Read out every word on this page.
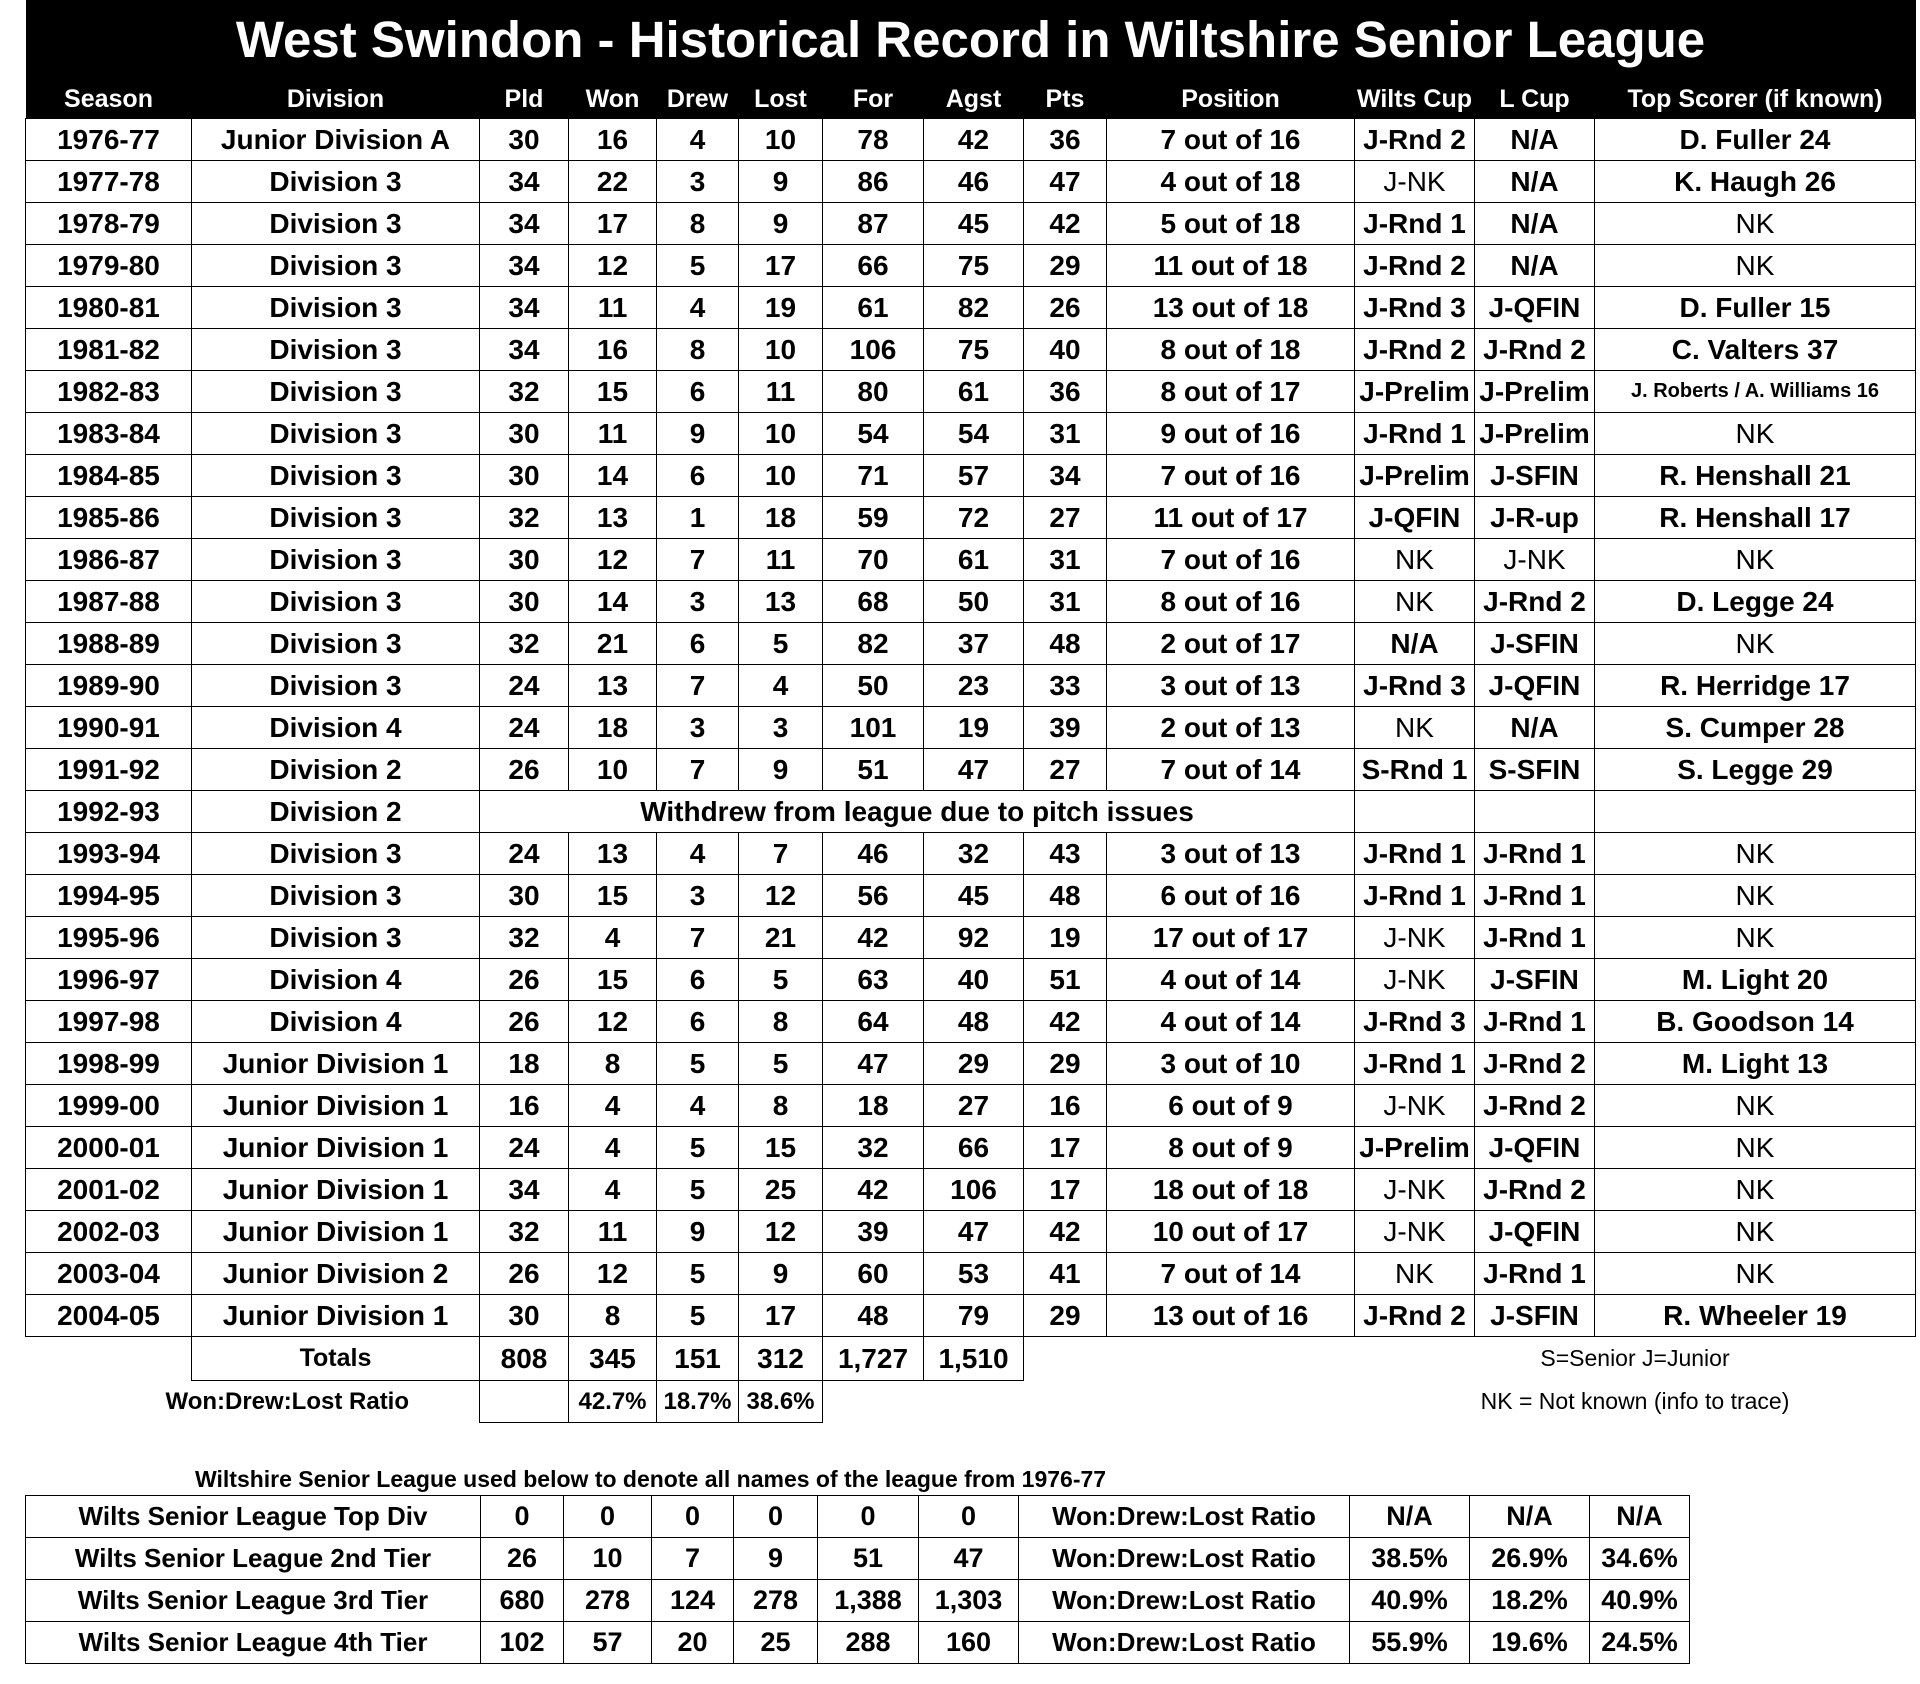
West Swindon - Historical Record in Wiltshire Senior League												
Season	Division	Pld	Won	Drew	Lost	For	Agst	Pts	Position	Wilts Cup	L Cup	Top Scorer (if known)
1976-77	Junior Division A	30	16	4	10	78	42	36	7 out of 16	J-Rnd 2	N/A	D. Fuller 24
1977-78	Division 3	34	22	3	9	86	46	47	4 out of 18	J-NK	N/A	K. Haugh 26
1978-79	Division 3	34	17	8	9	87	45	42	5 out of 18	J-Rnd 1	N/A	NK
1979-80	Division 3	34	12	5	17	66	75	29	11 out of 18	J-Rnd 2	N/A	NK
1980-81	Division 3	34	11	4	19	61	82	26	13 out of 18	J-Rnd 3	J-QFIN	D. Fuller 15
1981-82	Division 3	34	16	8	10	106	75	40	8 out of 18	J-Rnd 2	J-Rnd 2	C. Valters 37
1982-83	Division 3	32	15	6	11	80	61	36	8 out of 17	J-Prelim	J-Prelim	J. Roberts / A. Williams 16
1983-84	Division 3	30	11	9	10	54	54	31	9 out of 16	J-Rnd 1	J-Prelim	NK
1984-85	Division 3	30	14	6	10	71	57	34	7 out of 16	J-Prelim	J-SFIN	R. Henshall 21
1985-86	Division 3	32	13	1	18	59	72	27	11 out of 17	J-QFIN	J-R-up	R. Henshall 17
1986-87	Division 3	30	12	7	11	70	61	31	7 out of 16	NK	J-NK	NK
1987-88	Division 3	30	14	3	13	68	50	31	8 out of 16	NK	J-Rnd 2	D. Legge 24
1988-89	Division 3	32	21	6	5	82	37	48	2 out of 17	N/A	J-SFIN	NK
1989-90	Division 3	24	13	7	4	50	23	33	3 out of 13	J-Rnd 3	J-QFIN	R. Herridge 17
1990-91	Division 4	24	18	3	3	101	19	39	2 out of 13	NK	N/A	S. Cumper 28
1991-92	Division 2	26	10	7	9	51	47	27	7 out of 14	S-Rnd 1	S-SFIN	S. Legge 29
1992-93	Division 2	Withdrew from league due to pitch issues										
1993-94	Division 3	24	13	4	7	46	32	43	3 out of 13	J-Rnd 1	J-Rnd 1	NK
1994-95	Division 3	30	15	3	12	56	45	48	6 out of 16	J-Rnd 1	J-Rnd 1	NK
1995-96	Division 3	32	4	7	21	42	92	19	17 out of 17	J-NK	J-Rnd 1	NK
1996-97	Division 4	26	15	6	5	63	40	51	4 out of 14	J-NK	J-SFIN	M. Light 20
1997-98	Division 4	26	12	6	8	64	48	42	4 out of 14	J-Rnd 3	J-Rnd 1	B. Goodson 14
1998-99	Junior Division 1	18	8	5	5	47	29	29	3 out of 10	J-Rnd 1	J-Rnd 2	M. Light 13
1999-00	Junior Division 1	16	4	4	8	18	27	16	6 out of 9	J-NK	J-Rnd 2	NK
2000-01	Junior Division 1	24	4	5	15	32	66	17	8 out of 9	J-Prelim	J-QFIN	NK
2001-02	Junior Division 1	34	4	5	25	42	106	17	18 out of 18	J-NK	J-Rnd 2	NK
2002-03	Junior Division 1	32	11	9	12	39	47	42	10 out of 17	J-NK	J-QFIN	NK
2003-04	Junior Division 2	26	12	5	9	60	53	41	7 out of 14	NK	J-Rnd 1	NK
2004-05	Junior Division 1	30	8	5	17	48	79	29	13 out of 16	J-Rnd 2	J-SFIN	R. Wheeler 19
	Totals	808	345	151	312	1,727	1,510			S=Senior J=Junior		
Won:Drew:Lost Ratio			42.7%	18.7%	38.6%					NK = Not known (info to trace)		
Wiltshire Senior League used below to denote all names of the league from 1976-77
Wilts Senior League Top Div	0	0	0	0	0	0	Won:Drew:Lost Ratio	N/A	N/A	N/A
Wilts Senior League 2nd Tier	26	10	7	9	51	47	Won:Drew:Lost Ratio	38.5%	26.9%	34.6%
Wilts Senior League 3rd Tier	680	278	124	278	1,388	1,303	Won:Drew:Lost Ratio	40.9%	18.2%	40.9%
Wilts Senior League 4th Tier	102	57	20	25	288	160	Won:Drew:Lost Ratio	55.9%	19.6%	24.5%
